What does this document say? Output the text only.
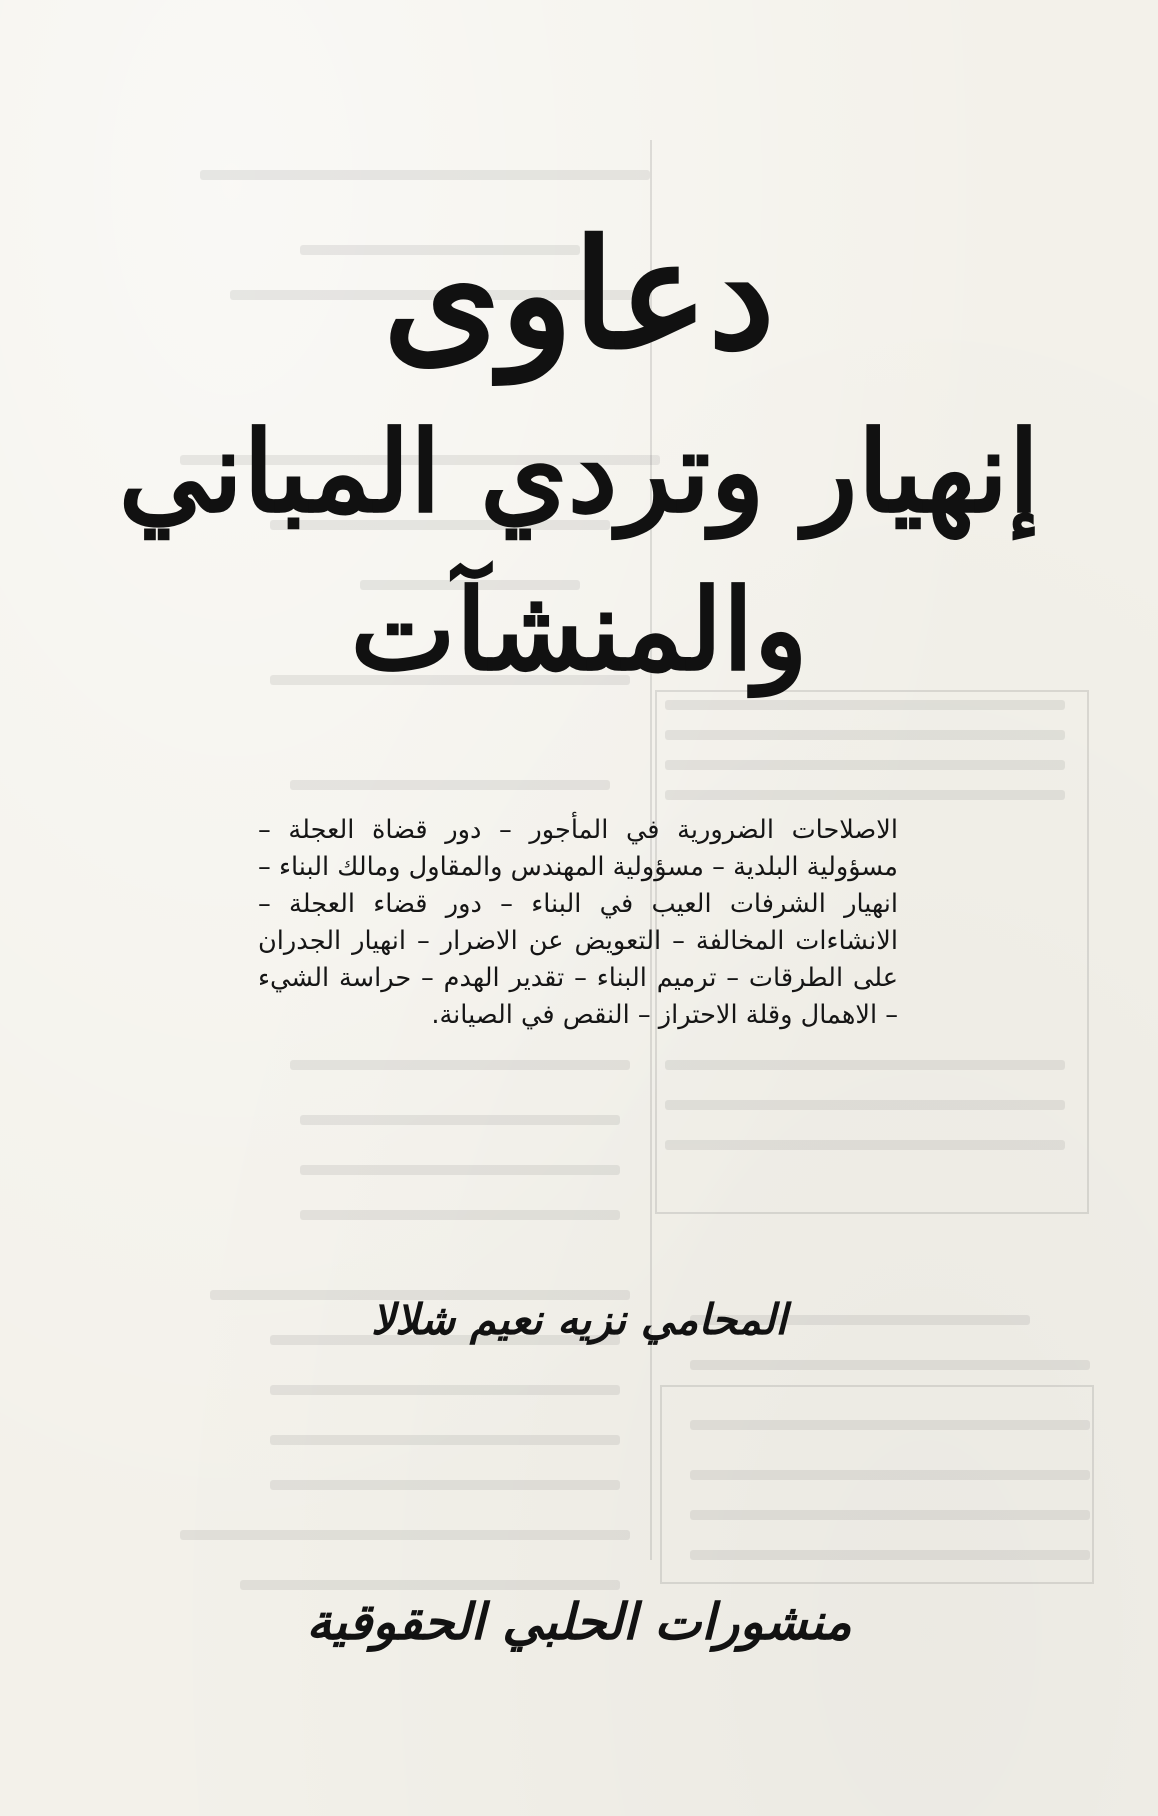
دعاوى
إنهيار وتردي المباني
والمنشآت
الاصلاحات الضرورية في المأجور – دور قضاة العجلة – مسؤولية البلدية – مسؤولية المهندس والمقاول ومالك البناء – انهيار الشرفات العيب في البناء – دور قضاء العجلة – الانشاءات المخالفة – التعويض عن الاضرار – انهيار الجدران على الطرقات – ترميم البناء – تقدير الهدم – حراسة الشيء – الاهمال وقلة الاحتراز – النقص في الصيانة.
المحامي نزيه نعيم شلالا
منشورات الحلبي الحقوقية
